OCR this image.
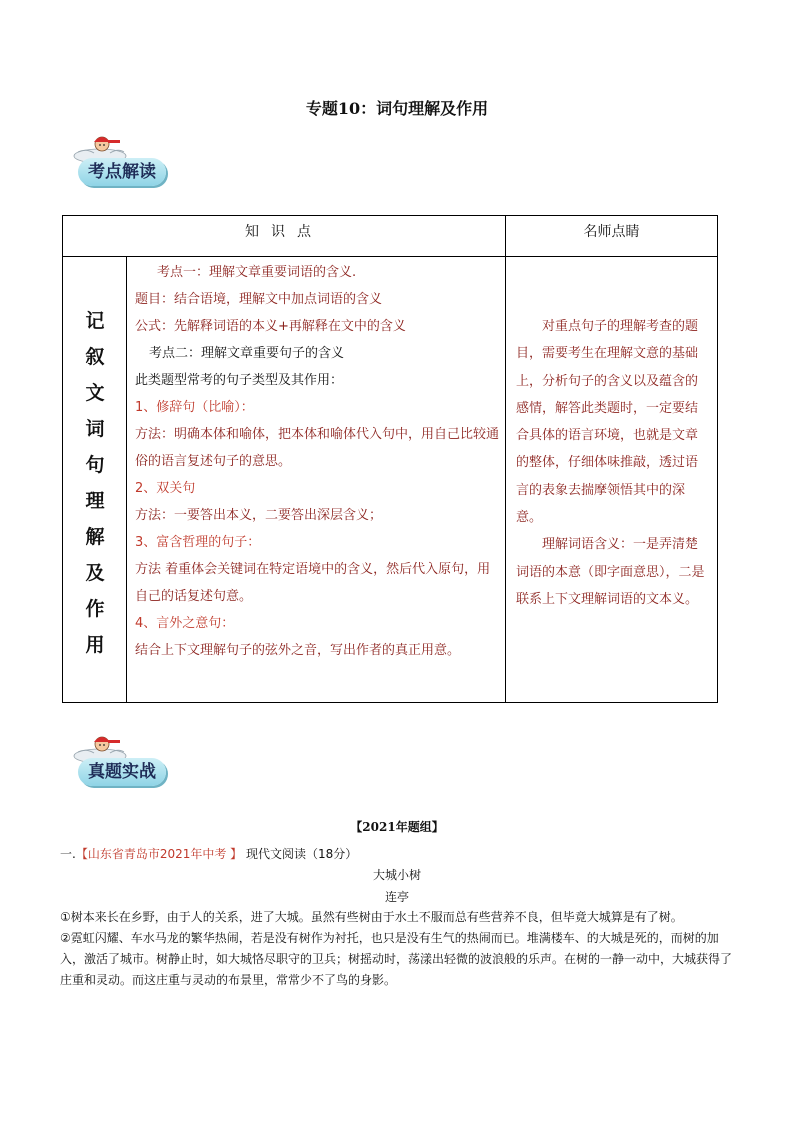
专题10：词句理解及作用
考点解读
知识点	名师点睛
记
叙
文
词
句
理
解
及
作
用
考点一：理解文章重要词语的含义.
题目：结合语境，理解文中加点词语的含义
公式：先解释词语的本义+再解释在文中的含义
考点二：理解文章重要句子的含义
此类题型常考的句子类型及其作用：
1、修辞句（比喻）：
方法：明确本体和喻体，把本体和喻体代入句中，用自己比较通俗的语言复述句子的意思。
2、双关句
方法：一要答出本义，二要答出深层含义；
3、富含哲理的句子：
方法 着重体会关键词在特定语境中的含义，然后代入原句，用自己的话复述句意。
4、言外之意句：
结合上下文理解句子的弦外之音，写出作者的真正用意。

对重点句子的理解考查的题目，需要考生在理解文意的基础上，分析句子的含义以及蕴含的感情，解答此类题时，一定要结合具体的语言环境，也就是文章的整体，仔细体味推敲，透过语言的表象去揣摩领悟其中的深意。

理解词语含义：一是弄清楚词语的本意（即字面意思），二是联系上下文理解词语的文本义。

真题实战
【2021年题组】
一.【山东省青岛市2021年中考 】 现代文阅读（18分）
大城小树
连亭

①树本来长在乡野，由于人的关系，进了大城。虽然有些树由于水土不服而总有些营养不良，但毕竟大城算是有了树。

②霓虹闪耀、车水马龙的繁华热闹，若是没有树作为衬托，也只是没有生气的热闹而已。堆满楼车、的大城是死的，而树的加入，激活了城市。树静止时，如大城恪尽职守的卫兵；树摇动时，荡漾出轻微的波浪般的乐声。在树的一静一动中，大城获得了庄重和灵动。而这庄重与灵动的布景里，常常少不了鸟的身影。
